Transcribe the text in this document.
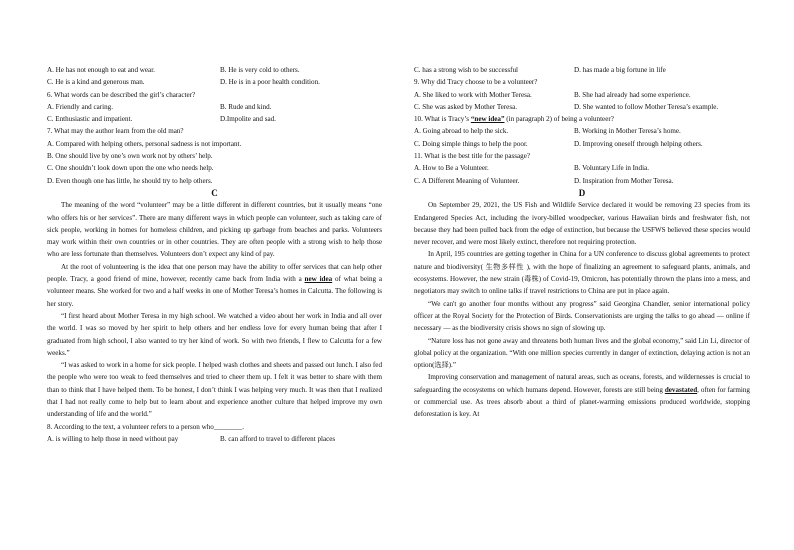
A. He has not enough to eat and wear.	B. He is very cold to others.
C. He is a kind and generous man.	D. He is in a poor health condition.
6. What words can be described the girl’s character?
A. Friendly and caring.	B. Rude and kind.
C. Enthusiastic and impatient.	D.Impolite and sad.
7. What may the author learn from the old man?
A. Compared with helping others, personal sadness is not important.
B. One should live by one’s own work not by others’ help.
C. One shouldn’t look down upon the one who needs help.
D. Even though one has little, he should try to help others.
C
The meaning of the word “volunteer” may be a little different in different countries, but it usually means “one who offers his or her services”. There are many different ways in which people can volunteer, such as taking care of sick people, working in homes for homeless children, and picking up garbage from beaches and parks. Volunteers may work within their own countries or in other countries. They are often people with a strong wish to help those who are less fortunate than themselves. Volunteers don’t expect any kind of pay.
At the root of volunteering is the idea that one person may have the ability to offer services that can help other people. Tracy, a good friend of mine, however, recently came back from India with a new idea of what being a volunteer means. She worked for two and a half weeks in one of Mother Teresa’s homes in Calcutta. The following is her story.
“I first heard about Mother Teresa in my high school. We watched a video about her work in India and all over the world. I was so moved by her spirit to help others and her endless love for every human being that after I graduated from high school, I also wanted to try her kind of work. So with two friends, I flew to Calcutta for a few weeks.”
“I was asked to work in a home for sick people. I helped wash clothes and sheets and passed out lunch. I also fed the people who were too weak to feed themselves and tried to cheer them up. I felt it was better to share with them than to think that I have helped them. To be honest, I don’t think I was helping very much. It was then that I realized that I had not really come to help but to learn about and experience another culture that helped improve my own understanding of life and the world.”
8. According to the text, a volunteer refers to a person who________.
A. is willing to help those in need without pay	B. can afford to travel to different places
C. has a strong wish to be successful	D. has made a big fortune in life
9. Why did Tracy choose to be a volunteer?
A. She liked to work with Mother Teresa.	B. She had already had some experience.
C. She was asked by Mother Teresa.	D. She wanted to follow Mother Teresa’s example.
10. What is Tracy’s “new idea” (in paragraph 2) of being a volunteer?
A. Going abroad to help the sick.	B. Working in Mother Teresa’s home.
C. Doing simple things to help the poor.	D. Improving oneself through helping others.
11. What is the best title for the passage?
A. How to Be a Volunteer.	B. Voluntary Life in India.
C. A Different Meaning of Volunteer.	D. Inspiration from Mother Teresa.
D
On September 29, 2021, the US Fish and Wildlife Service declared it would be removing 23 species from its Endangered Species Act, including the ivory-billed woodpecker, various Hawaiian birds and freshwater fish, not because they had been pulled back from the edge of extinction, but because the USFWS believed these species would never recover, and were most likely extinct, therefore not requiring protection.
In April, 195 countries are getting together in China for a UN conference to discuss global agreements to protect nature and biodiversity( 生物多样性 ), with the hope of finalizing an agreement to safeguard plants, animals, and ecosystems. However, the new strain (毒株) of Covid-19, Omicron, has potentially thrown the plans into a mess, and negotiators may switch to online talks if travel restrictions to China are put in place again.
“We can't go another four months without any progress” said Georgina Chandler, senior international policy officer at the Royal Society for the Protection of Birds. Conservationists are urging the talks to go ahead — online if necessary — as the biodiversity crisis shows no sign of slowing up.
“Nature loss has not gone away and threatens both human lives and the global economy,” said Lin Li, director of global policy at the organization. “With one million species currently in danger of extinction, delaying action is not an option(选择).”
Improving conservation and management of natural areas, such as oceans, forests, and wildernesses is crucial to safeguarding the ecosystems on which humans depend. However, forests are still being devastated, often for farming or commercial use. As trees absorb about a third of planet-warming emissions produced worldwide, stopping deforestation is key. At
